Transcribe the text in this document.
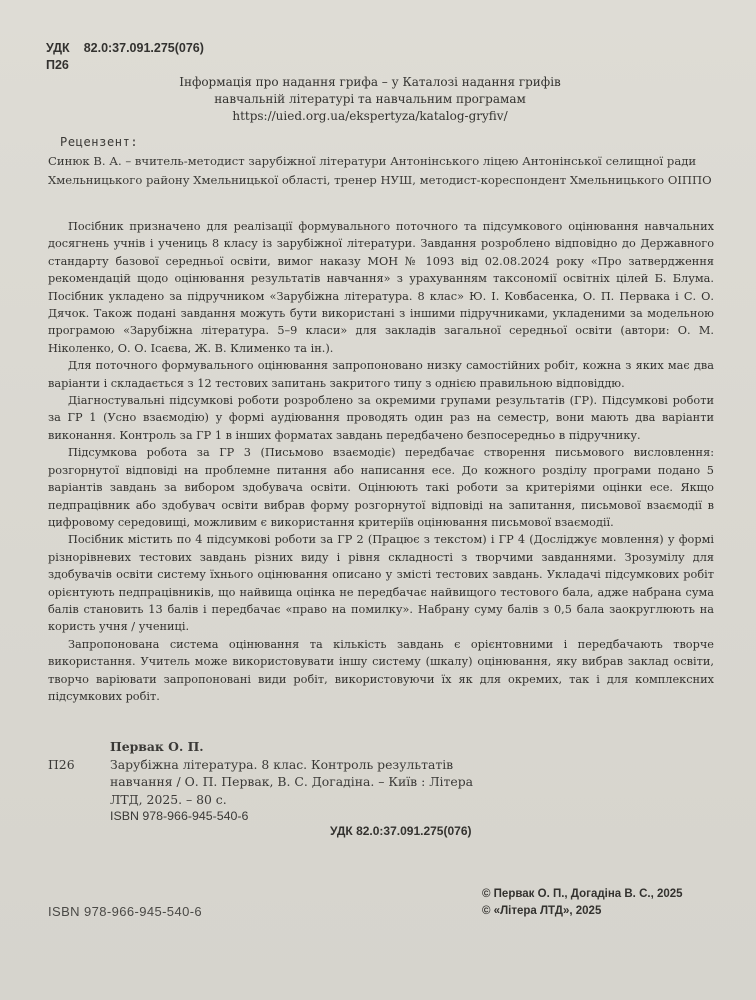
УДК 82.0:37.091.275(076)
П26
Інформація про надання грифа – у Каталозі надання грифів
навчальній літературі та навчальним програмам
https://uied.org.ua/ekspertyza/katalog-gryfiv/
Рецензент:
Синюк В. А. – вчитель-методист зарубіжної літератури Антонінського ліцею Антонінської селищної ради Хмельницького району Хмельницької області, тренер НУШ, методист-кореспондент Хмельницького ОІППО

Посібник призначено для реалізації формувального поточного та підсумкового оцінювання навчальних досягнень учнів і учениць 8 класу із зарубіжної літератури. Завдання розроблено відповідно до Державного стандарту базової середньої освіти, вимог наказу МОН № 1093 від 02.08.2024 року «Про затвердження рекомендацій щодо оцінювання результатів навчання» з урахуванням таксономії освітніх цілей Б. Блума. Посібник укладено за підручником «Зарубіжна література. 8 клас» Ю. І. Ковбасенка, О. П. Первака і С. О. Дячок. Також подані завдання можуть бути використані з іншими підручниками, укладеними за модельною програмою «Зарубіжна література. 5–9 класи» для закладів загальної середньої освіти (автори: О. М. Ніколенко, О. О. Ісаєва, Ж. В. Клименко та ін.).

Для поточного формувального оцінювання запропоновано низку самостійних робіт, кожна з яких має два варіанти і складається з 12 тестових запитань закритого типу з однією правильною відповіддю.

Діагностувальні підсумкові роботи розроблено за окремими групами результатів (ГР). Підсумкові роботи за ГР 1 (Усно взаємодію) у формі аудіювання проводять один раз на семестр, вони мають два варіанти виконання. Контроль за ГР 1 в інших форматах завдань передбачено безпосередньо в підручнику.

Підсумкова робота за ГР 3 (Письмово взаємодіє) передбачає створення письмового висловлення: розгорнутої відповіді на проблемне питання або написання есе. До кожного розділу програми подано 5 варіантів завдань за вибором здобувача освіти. Оцінюють такі роботи за критеріями оцінки есе. Якщо педпрацівник або здобувач освіти вибрав форму розгорнутої відповіді на запитання, письмової взаємодії в цифровому середовищі, можливим є використання критеріїв оцінювання письмової взаємодії.

Посібник містить по 4 підсумкові роботи за ГР 2 (Працює з текстом) і ГР 4 (Досліджує мовлення) у формі різнорівневих тестових завдань різних виду і рівня складності з творчими завданнями. Зрозумілу для здобувачів освіти систему їхнього оцінювання описано у змісті тестових завдань. Укладачі підсумкових робіт орієнтують педпрацівників, що найвища оцінка не передбачає найвищого тестового бала, адже набрана сума балів становить 13 балів і передбачає «право на помилку». Набрану суму балів з 0,5 бала заокруглюють на користь учня / учениці.

Запропонована система оцінювання та кількість завдань є орієнтовними і передбачають творче використання. Учитель може використовувати іншу систему (шкалу) оцінювання, яку вибрав заклад освіти, творчо варіювати запропоновані види робіт, використовуючи їх як для окремих, так і для комплексних підсумкових робіт.

П26
Первак О. П.
Зарубіжна література. 8 клас. Контроль результатів навчання / О. П. Первак, В. С. Догадіна. – Київ : Літера ЛТД, 2025. – 80 с.
ISBN 978-966-945-540-6
УДК 82.0:37.091.275(076)
ISBN 978-966-945-540-6
© Первак О. П., Догадіна В. С., 2025
© «Літера ЛТД», 2025
